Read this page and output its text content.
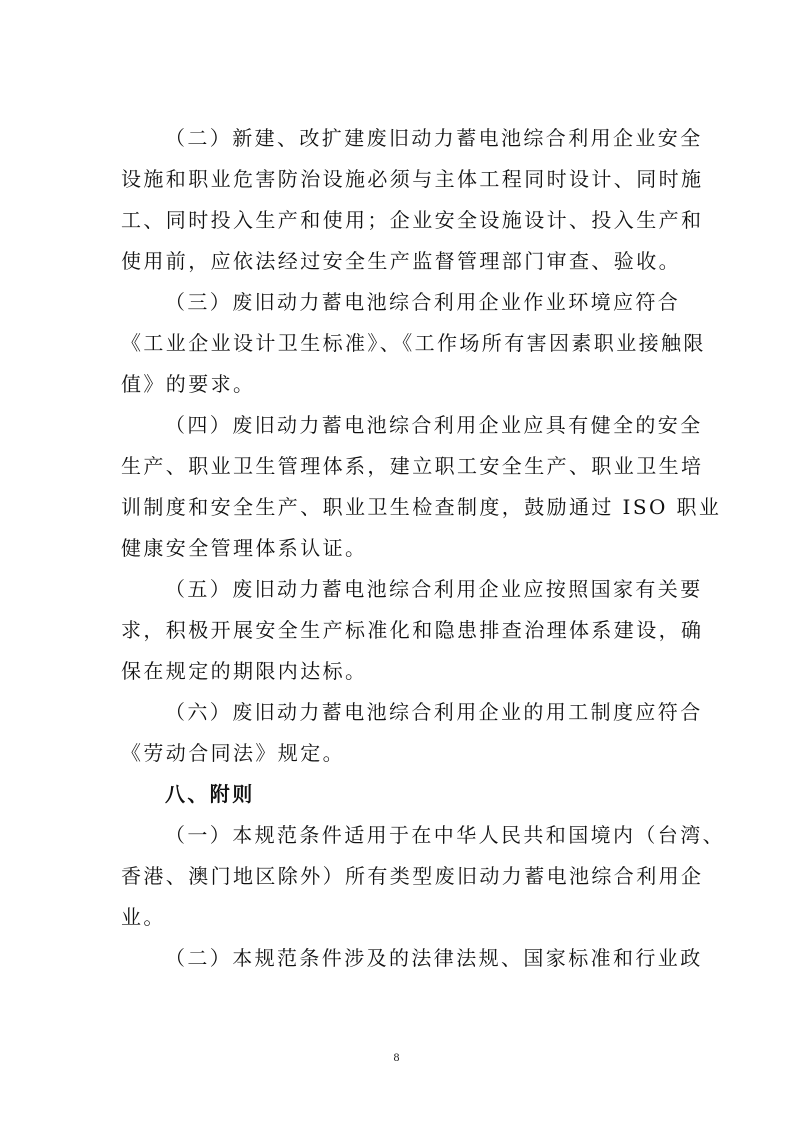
（二）新建、改扩建废旧动力蓄电池综合利用企业安全
设施和职业危害防治设施必须与主体工程同时设计、同时施
工、同时投入生产和使用；企业安全设施设计、投入生产和
使用前，应依法经过安全生产监督管理部门审查、验收。
（三）废旧动力蓄电池综合利用企业作业环境应符合
《工业企业设计卫生标准》、《工作场所有害因素职业接触限
值》的要求。
（四）废旧动力蓄电池综合利用企业应具有健全的安全
生产、职业卫生管理体系，建立职工安全生产、职业卫生培
训制度和安全生产、职业卫生检查制度，鼓励通过 ISO 职业
健康安全管理体系认证。
（五）废旧动力蓄电池综合利用企业应按照国家有关要
求，积极开展安全生产标准化和隐患排查治理体系建设，确
保在规定的期限内达标。
（六）废旧动力蓄电池综合利用企业的用工制度应符合
《劳动合同法》规定。
八、附则
（一）本规范条件适用于在中华人民共和国境内（台湾、
香港、澳门地区除外）所有类型废旧动力蓄电池综合利用企
业。
（二）本规范条件涉及的法律法规、国家标准和行业政
8
